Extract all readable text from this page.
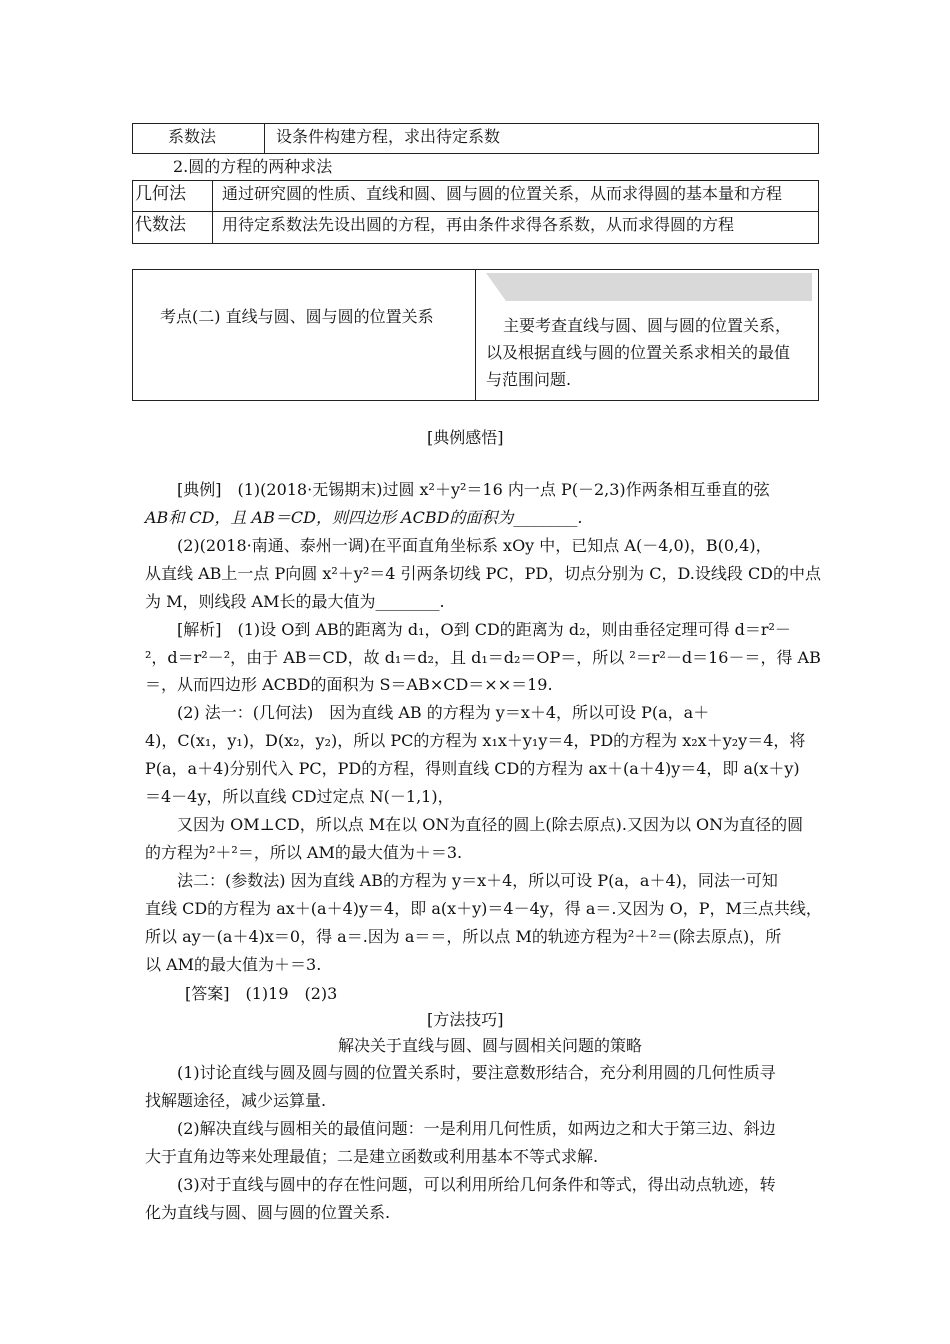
系数法	设条件构建方程，求出待定系数
2.圆的方程的两种求法
几何法 通过研究圆的性质、直线和圆、圆与圆的位置关系，从而求得圆的基本量和方程
代数法 用待定系数法先设出圆的方程，再由条件求得各系数，从而求得圆的方程
考点(二) 直线与圆、圆与圆的位置关系	主要考查直线与圆、圆与圆的位置关系，
以及根据直线与圆的位置关系求相关的最值
与范围问题.
[典例感悟]
[典例]　(1)(2018·无锡期末)过圆 x²＋y²＝16 内一点 P(－2,3)作两条相互垂直的弦
AB和 CD，且 AB＝CD，则四边形 ACBD的面积为________.
(2)(2018·南通、泰州一调)在平面直角坐标系 xOy 中，已知点 A(－4,0)，B(0,4)，
从直线 AB上一点 P向圆 x²＋y²＝4 引两条切线 PC，PD，切点分别为 C，D.设线段 CD的中点
为 M，则线段 AM长的最大值为________.
[解析]　(1)设 O到 AB的距离为 d₁，O到 CD的距离为 d₂，则由垂径定理可得 d＝r²－
²，d＝r²－²，由于 AB＝CD，故 d₁＝d₂，且 d₁＝d₂＝OP＝，所以 ²＝r²－d＝16－＝，得 AB
＝，从而四边形 ACBD的面积为 S＝AB×CD＝××＝19.
(2) 法一：(几何法)　因为直线 AB 的方程为 y＝x＋4，所以可设 P(a，a＋
4)，C(x₁，y₁)，D(x₂，y₂)，所以 PC的方程为 x₁x＋y₁y＝4，PD的方程为 x₂x＋y₂y＝4，将
P(a，a＋4)分别代入 PC，PD的方程，得则直线 CD的方程为 ax＋(a＋4)y＝4，即 a(x＋y)
＝4－4y，所以直线 CD过定点 N(－1,1)，
又因为 OM⊥CD，所以点 M在以 ON为直径的圆上(除去原点).又因为以 ON为直径的圆
的方程为²＋²＝，所以 AM的最大值为＋＝3.
法二：(参数法) 因为直线 AB的方程为 y＝x＋4，所以可设 P(a，a＋4)，同法一可知
直线 CD的方程为 ax＋(a＋4)y＝4，即 a(x＋y)＝4－4y，得 a＝.又因为 O，P，M三点共线，
所以 ay－(a＋4)x＝0，得 a＝.因为 a＝＝，所以点 M的轨迹方程为²＋²＝(除去原点)，所
以 AM的最大值为＋＝3.
[答案]　(1)19　(2)3
[方法技巧]
解决关于直线与圆、圆与圆相关问题的策略
(1)讨论直线与圆及圆与圆的位置关系时，要注意数形结合，充分利用圆的几何性质寻
找解题途径，减少运算量.
(2)解决直线与圆相关的最值问题：一是利用几何性质，如两边之和大于第三边、斜边
大于直角边等来处理最值；二是建立函数或利用基本不等式求解.
(3)对于直线与圆中的存在性问题，可以利用所给几何条件和等式，得出动点轨迹，转
化为直线与圆、圆与圆的位置关系.
